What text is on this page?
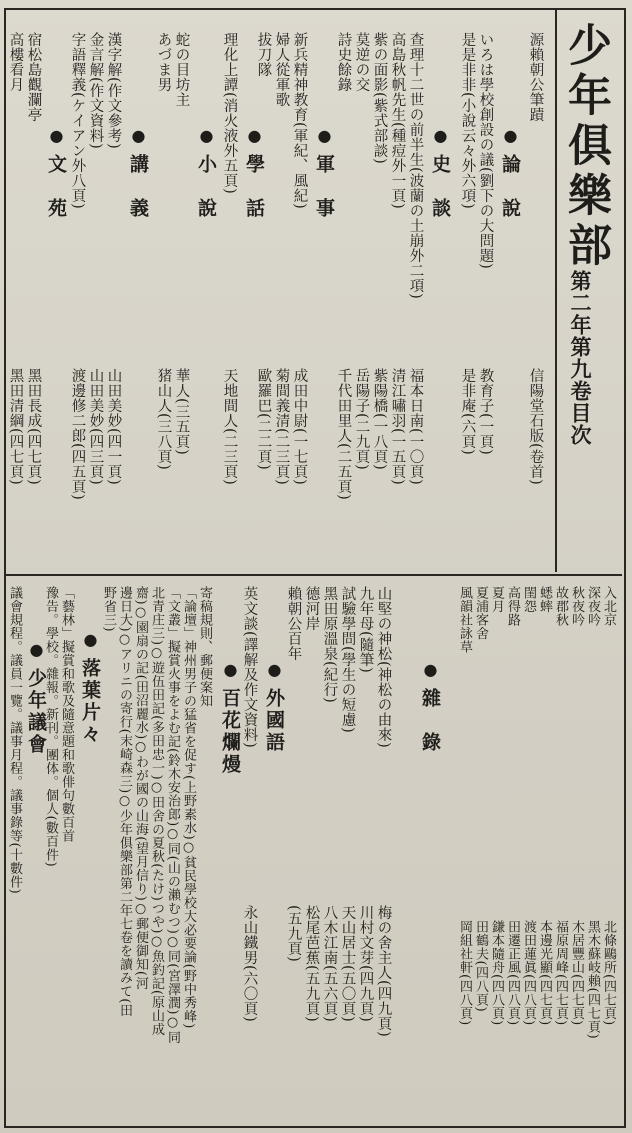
少年俱樂部
第二年第九卷目次
源賴朝公筆蹟
信陽堂石版(卷首)
● 論　說
いろは學校創設の議(劉下の大問題)
教育子(一頁)
是是非非(小說云々外六項)
是非庵(六頁)
● 史　談
查理十二世の前半生(波蘭の土崩外二項)
福本日南(一〇頁)
高島秋帆先生(種痘外一頁)
清江嘯羽(一五頁)
紫の面影(紫式部談)
紫陽橋(一八頁)
莫逆の交
岳陽子(二九頁)
詩史餘錄
千代田里人(二五頁)
● 軍　事
新兵精神教育(軍紀、風紀)
成田中尉(一七頁)
婦人從軍歌
菊間義清(二三頁)
拔刀隊
歐羅巴(二二頁)
● 學　話
理化上譚(消火液外五頁)
天地間人(二三頁)
● 小　說
蛇の目坊主
華人(三五頁)
あづま男
猪山人(三八頁)
● 講　義
漢字解(作文參考)
山田美妙(四一頁)
金言解(作文資料)
山田美妙(四三頁)
字語釋義(ケイアン外八頁)
渡邊修二郎(四五頁)
● 文　苑
宿松島觀瀾亭
黑田長成(四七頁)
高樓看月
黑田清綱(四七頁)
入北京
北條鷗所(四七頁)
深夜吟
黑木蘇岐賴(四七頁)
秋夜吟
木居豐山(四七頁)
故郡秋
福原周峰(四七頁)
蟋蟀
本邊光顯(四七頁)
閨怨
渡田蓮眞(四八頁)
高得路
田遷正風(四八頁)
夏月
鎌本隨舟(四八頁)
夏浦客舍
田鶴夫(四八頁)
風韻社詠草
岡組社軒(四八頁)
● 雜　錄
山堅の神松(神松の由來)
梅の舍主人(四九頁)
九年母(隨筆)
川村文芽(四九頁)
試驗學問(學生の短慮)
天山居士(五〇頁)
黑田原溫泉(紀行)
八木江南(五六頁)
德河岸
松尾芭蕉(五九頁)
賴朝公百年
(五九頁)
● 外國語
英文談(譯解及作文資料)
永山鐵男(六〇頁)
● 百花爛熳
寄稿規則、郵便案知
「論壇」神州男子の猛省を促す(上野素水)○貧民學校大必要論(野中秀峰)
「文叢」擬賞火事をよむ記(鈴木安治郎)○同(山の瀨むつ)○同(宮澤潤)○同
北青庄三)○遊伍田記(多田忠一)○田舍の夏秋(たけ)つや)○魚釣記(原山成
齋)○園扇の記(田沼麗水)○わが國の山海(望月信り)○郵便御知(河
邊日大)○アリニの寄行(末崎森三)○少年俱樂部第二年七卷を讀みて(田
野省三)
● 落葉片々
「藝林」擬賞和歌及隨意題和歌俳句數百首
豫告。學校。雜報。新刊。團体。個人(數百件)
● 少年議會
議會規程。議員一覽。議事月程。議事錄等(十數件)
